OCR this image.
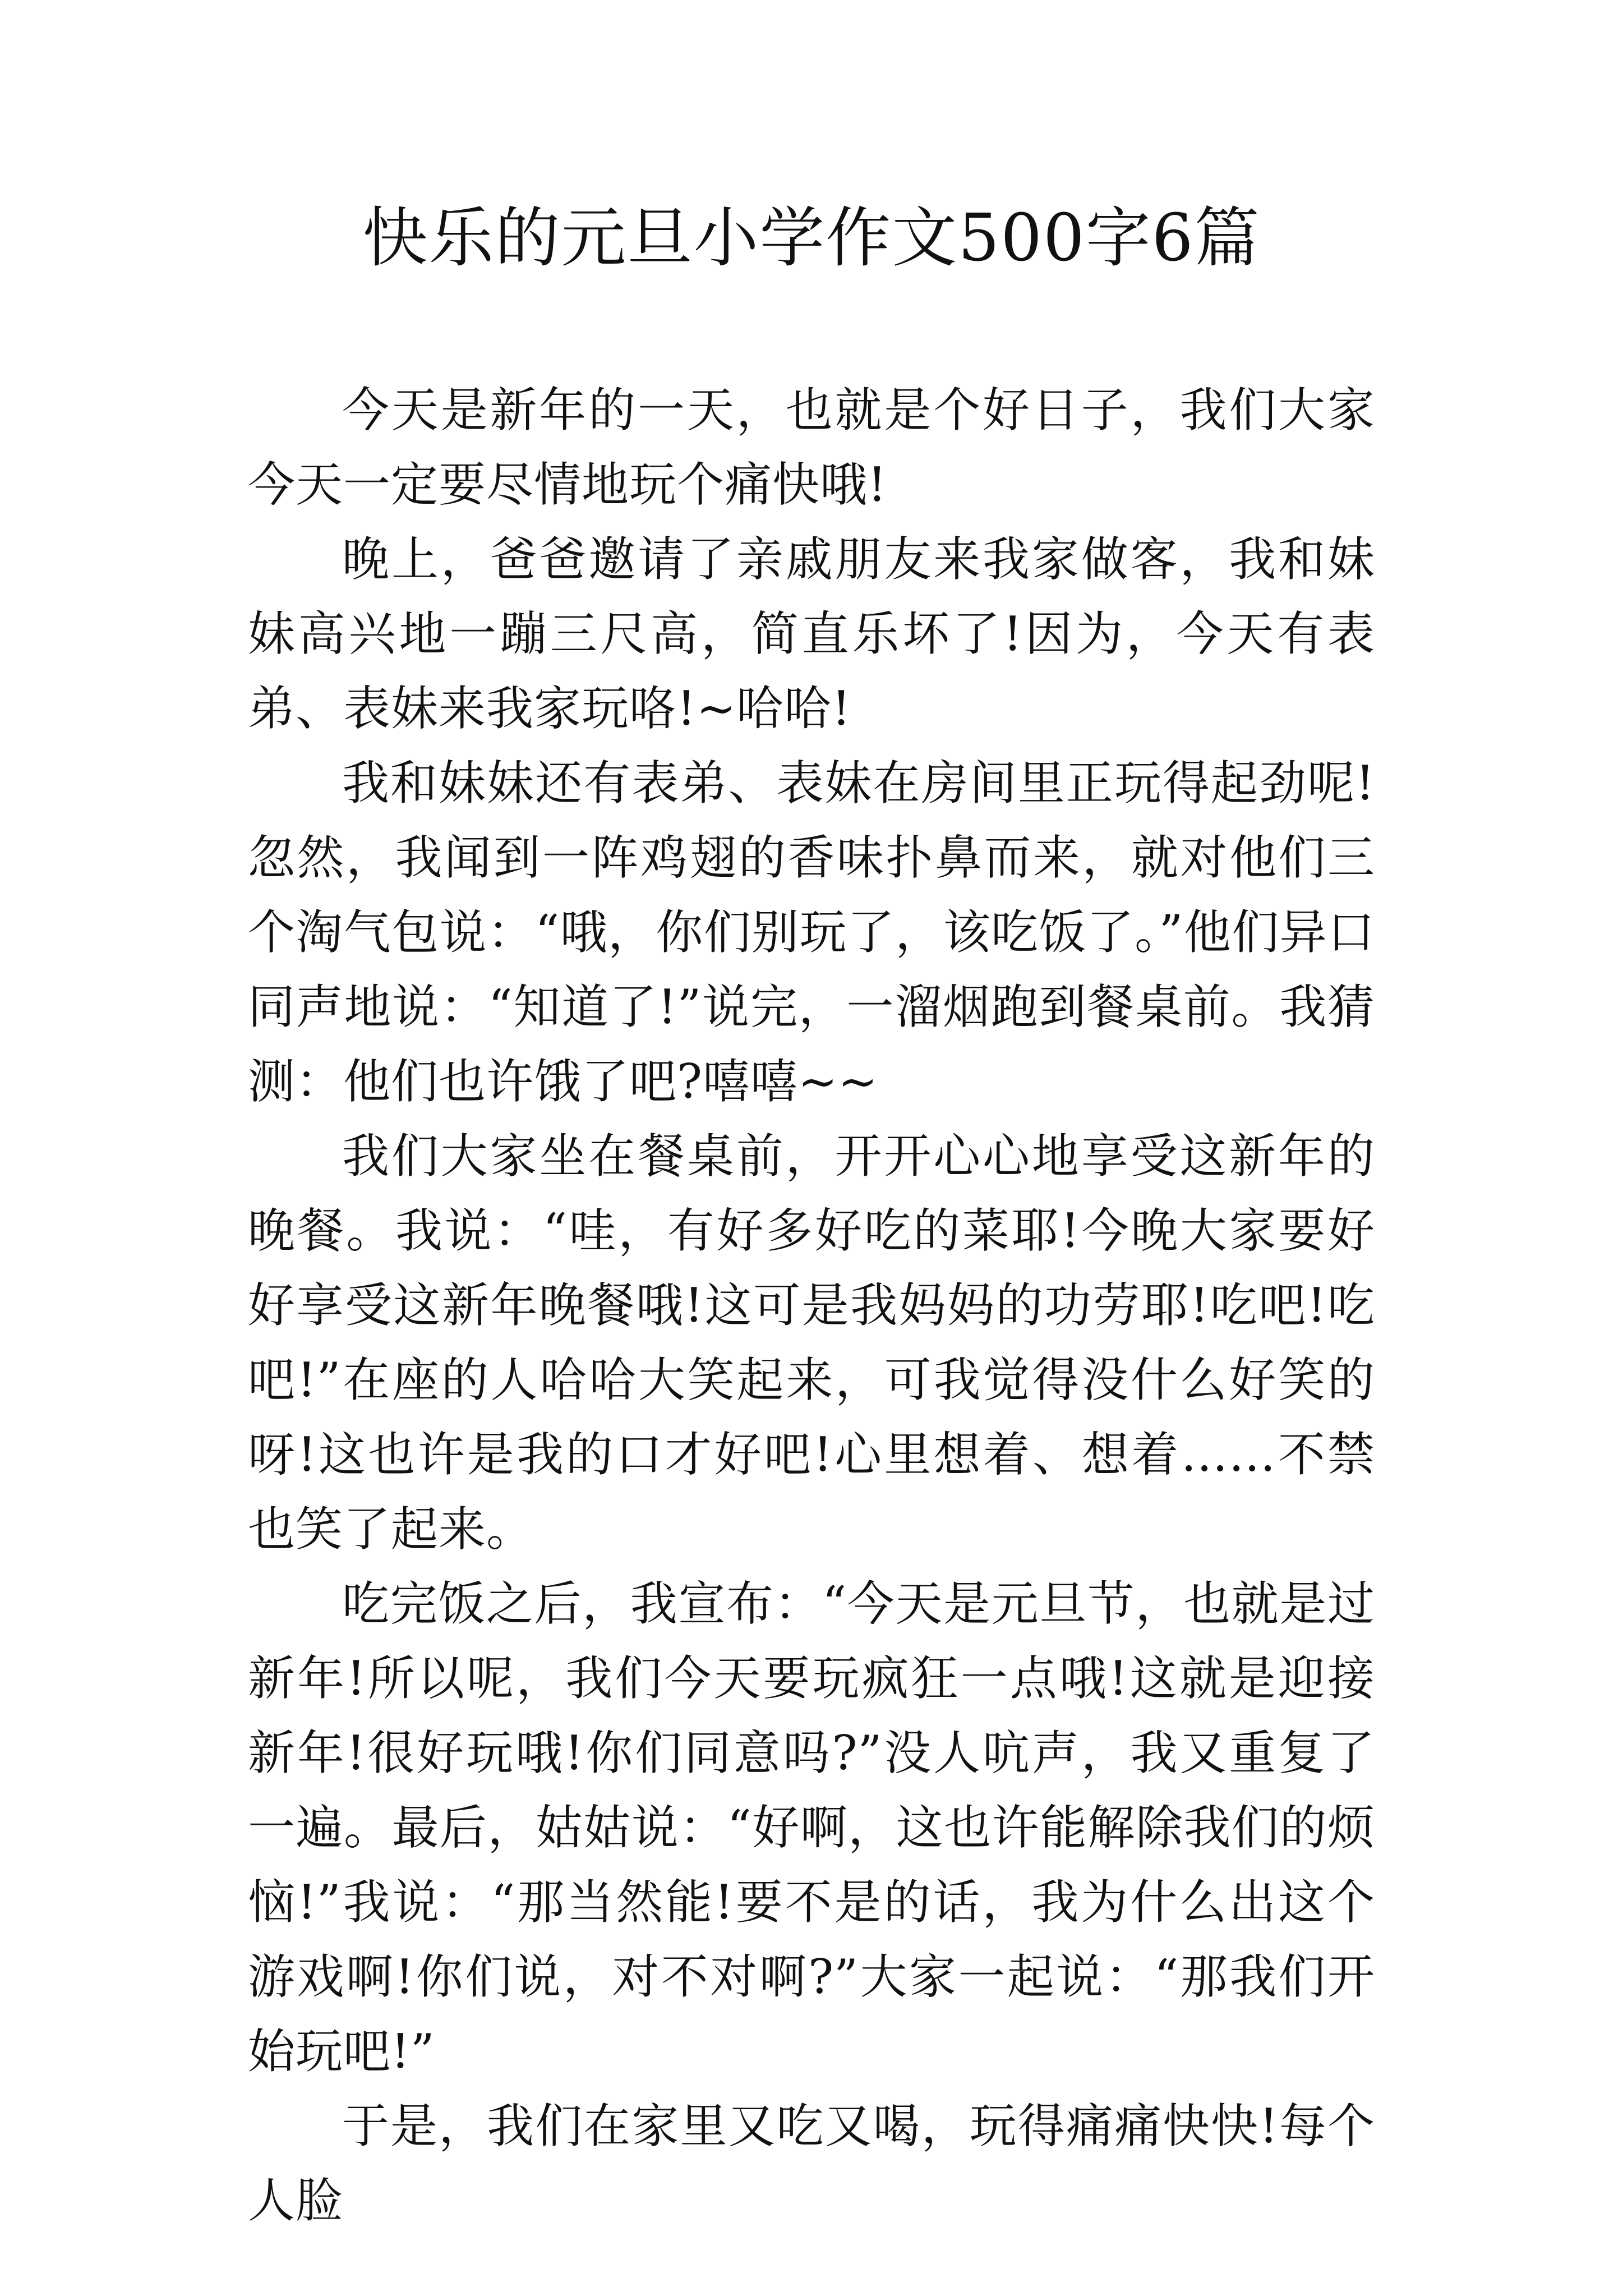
快乐的元旦小学作文500字6篇

今天是新年的一天，也就是个好日子，我们大家今天一定要尽情地玩个痛快哦!

晚上，爸爸邀请了亲戚朋友来我家做客，我和妹妹高兴地一蹦三尺高，简直乐坏了!因为，今天有表弟、表妹来我家玩咯!~哈哈!

我和妹妹还有表弟、表妹在房间里正玩得起劲呢!忽然，我闻到一阵鸡翅的香味扑鼻而来，就对他们三个淘气包说：“哦，你们别玩了，该吃饭了。”他们异口同声地说：“知道了!”说完，一溜烟跑到餐桌前。我猜测：他们也许饿了吧?嘻嘻~~

我们大家坐在餐桌前，开开心心地享受这新年的晚餐。我说：“哇，有好多好吃的菜耶!今晚大家要好好享受这新年晚餐哦!这可是我妈妈的功劳耶!吃吧!吃吧!”在座的人哈哈大笑起来，可我觉得没什么好笑的呀!这也许是我的口才好吧!心里想着、想着……不禁也笑了起来。

吃完饭之后，我宣布：“今天是元旦节，也就是过新年!所以呢，我们今天要玩疯狂一点哦!这就是迎接新年!很好玩哦!你们同意吗?”没人吭声，我又重复了一遍。最后，姑姑说：“好啊，这也许能解除我们的烦恼!”我说：“那当然能!要不是的话，我为什么出这个游戏啊!你们说，对不对啊?”大家一起说：“那我们开始玩吧!”

于是，我们在家里又吃又喝，玩得痛痛快快!每个人脸
